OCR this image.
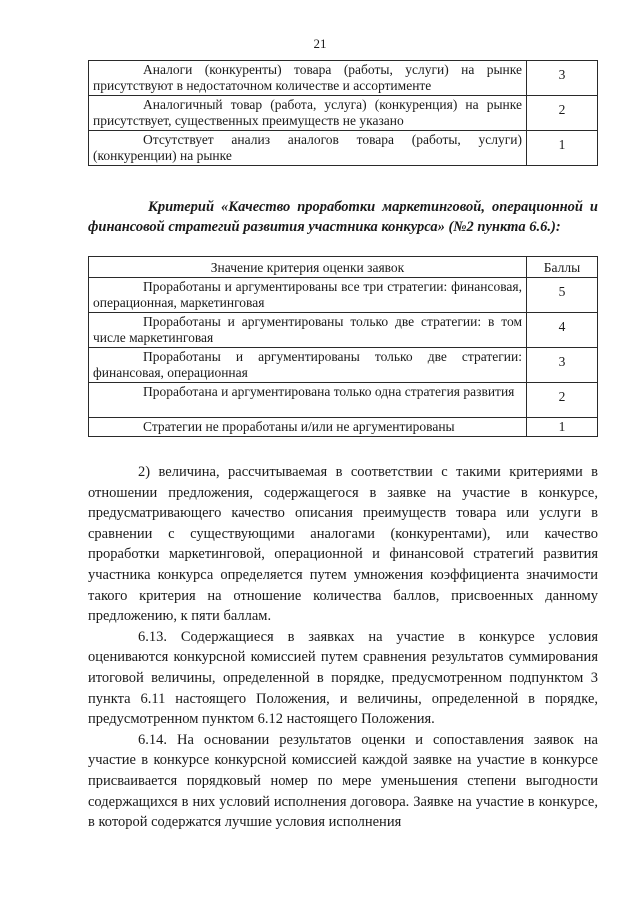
21
Аналоги (конкуренты) товара (работы, услуги) на рынке присутствуют в недостаточном количестве и ассортименте	3
Аналогичный товар (работа, услуга) (конкуренция) на рынке присутствует, существенных преимуществ не указано	2
Отсутствует анализ аналогов товара (работы, услуги) (конкуренции) на рынке	1
Критерий «Качество проработки маркетинговой, операционной и
финансовой стратегий развития участника конкурса» (№2 пункта 6.6.):
Значение критерия оценки заявок	Баллы
Проработаны и аргументированы все три стратегии: финансовая, операционная, маркетинговая	5
Проработаны и аргументированы только две стратегии: в том числе маркетинговая	4
Проработаны и аргументированы только две стратегии: финансовая, операционная	3
Проработана и аргументирована только одна стратегия развития	2
Стратегии не проработаны и/или не аргументированы	1

2) величина, рассчитываемая в соответствии с такими критериями в отношении предложения, содержащегося в заявке на участие в конкурсе, предусматривающего качество описания преимуществ товара или услуги в сравнении с существующими аналогами (конкурентами), или качество проработки маркетинговой, операционной и финансовой стратегий развития участника конкурса определяется путем умножения коэффициента значимости такого критерия на отношение количества баллов, присвоенных данному предложению, к пяти баллам.

6.13. Содержащиеся в заявках на участие в конкурсе условия оцениваются конкурсной комиссией путем сравнения результатов суммирования итоговой величины, определенной в порядке, предусмотренном подпунктом 3 пункта 6.11 настоящего Положения, и величины, определенной в порядке, предусмотренном пунктом 6.12 настоящего Положения.

6.14. На основании результатов оценки и сопоставления заявок на участие в конкурсе конкурсной комиссией каждой заявке на участие в конкурсе присваивается порядковый номер по мере уменьшения степени выгодности содержащихся в них условий исполнения договора. Заявке на участие в конкурсе, в которой содержатся лучшие условия исполнения
